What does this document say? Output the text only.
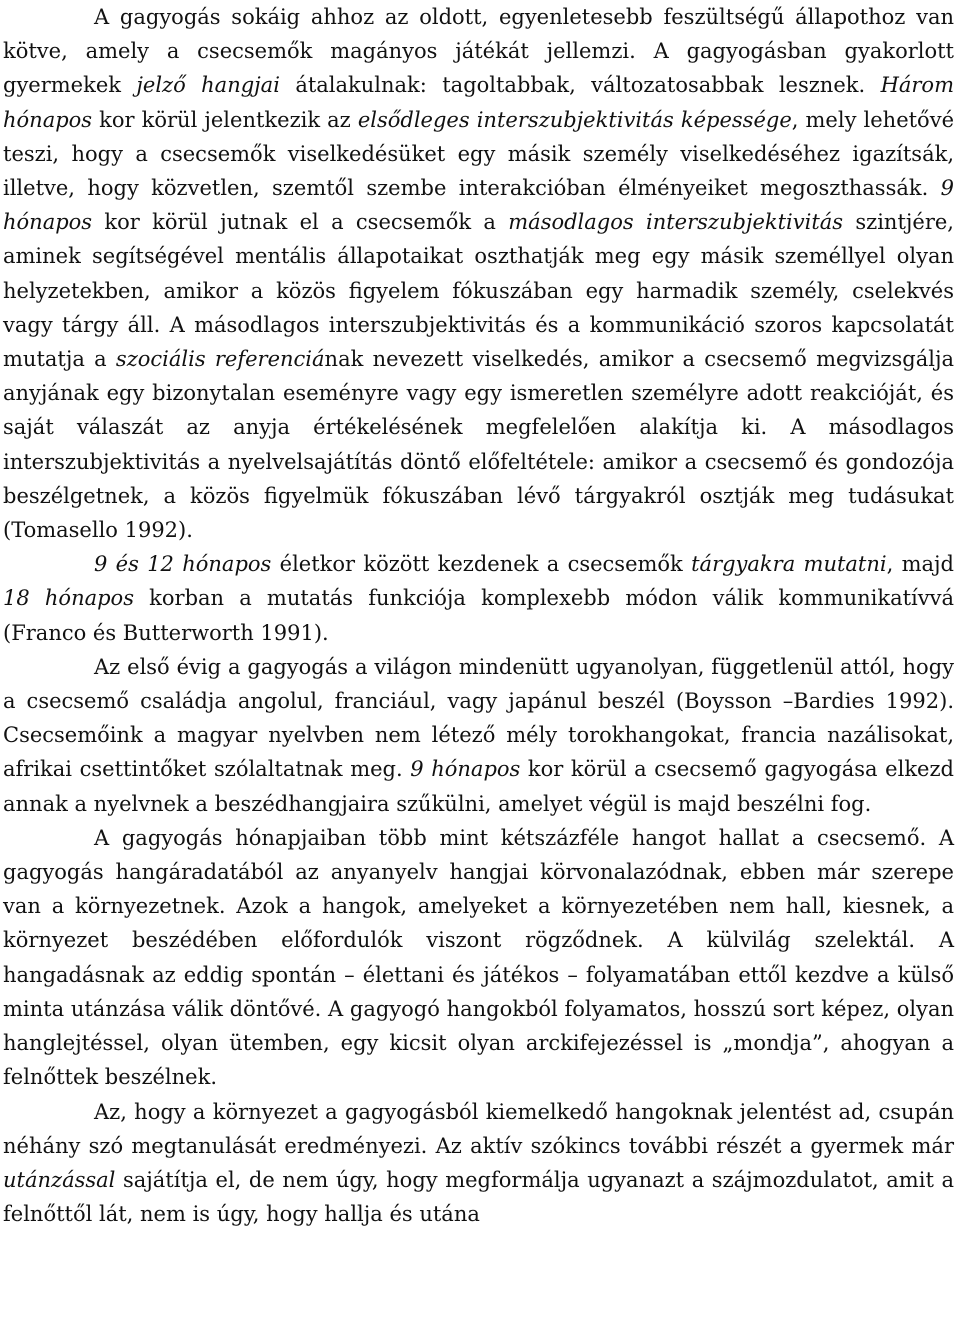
A gagyogás sokáig ahhoz az oldott, egyenletesebb feszültségű állapothoz van kötve, amely a csecsemők magányos játékát jellemzi. A gagyogásban gyakorlott gyermekek jelző hangjai átalakulnak: tagoltabbak, változatosabbak lesznek. Három hónapos kor körül jelentkezik az elsődleges interszubjektivitás képessége, mely lehetővé teszi, hogy a csecsemők viselkedésüket egy másik személy viselkedéséhez igazítsák, illetve, hogy közvetlen, szemtől szembe interakcióban élményeiket megoszthassák. 9 hónapos kor körül jutnak el a csecsemők a másodlagos interszubjektivitás szintjére, aminek segítségével mentális állapotaikat oszthatják meg egy másik személlyel olyan helyzetekben, amikor a közös figyelem fókuszában egy harmadik személy, cselekvés vagy tárgy áll. A másodlagos interszubjektivitás és a kommunikáció szoros kapcsolatát mutatja a szociális referenciának nevezett viselkedés, amikor a csecsemő megvizsgálja anyjának egy bizonytalan eseményre vagy egy ismeretlen személyre adott reakcióját, és saját válaszát az anyja értékelésének megfelelően alakítja ki. A másodlagos interszubjektivitás a nyelvelsajátítás döntő előfeltétele: amikor a csecsemő és gondozója beszélgetnek, a közös figyelmük fókuszában lévő tárgyakról osztják meg tudásukat (Tomasello 1992).

9 és 12 hónapos életkor között kezdenek a csecsemők tárgyakra mutatni, majd 18 hónapos korban a mutatás funkciója komplexebb módon válik kommunikatívvá (Franco és Butterworth 1991).

Az első évig a gagyogás a világon mindenütt ugyanolyan, függetlenül attól, hogy a csecsemő családja angolul, franciául, vagy japánul beszél (Boysson –Bardies 1992). Csecsemőink a magyar nyelvben nem létező mély torokhangokat, francia nazálisokat, afrikai csettintőket szólaltatnak meg. 9 hónapos kor körül a csecsemő gagyogása elkezd annak a nyelvnek a beszédhangjaira szűkülni, amelyet végül is majd beszélni fog.

A gagyogás hónapjaiban több mint kétszázféle hangot hallat a csecsemő. A gagyogás hangáradatából az anyanyelv hangjai körvonalazódnak, ebben már szerepe van a környezetnek. Azok a hangok, amelyeket a környezetében nem hall, kiesnek, a környezet beszédében előfordulók viszont rögződnek. A külvilág szelektál. A hangadásnak az eddig spontán – élettani és játékos – folyamatában ettől kezdve a külső minta utánzása válik döntővé. A gagyogó hangokból folyamatos, hosszú sort képez, olyan hanglejtéssel, olyan ütemben, egy kicsit olyan arckifejezéssel is „mondja”, ahogyan a felnőttek beszélnek.

Az, hogy a környezet a gagyogásból kiemelkedő hangoknak jelentést ad, csupán néhány szó megtanulását eredményezi. Az aktív szókincs további részét a gyermek már utánzással sajátítja el, de nem úgy, hogy megformálja ugyanazt a szájmozdulatot, amit a felnőttől lát, nem is úgy, hogy hallja és utána
